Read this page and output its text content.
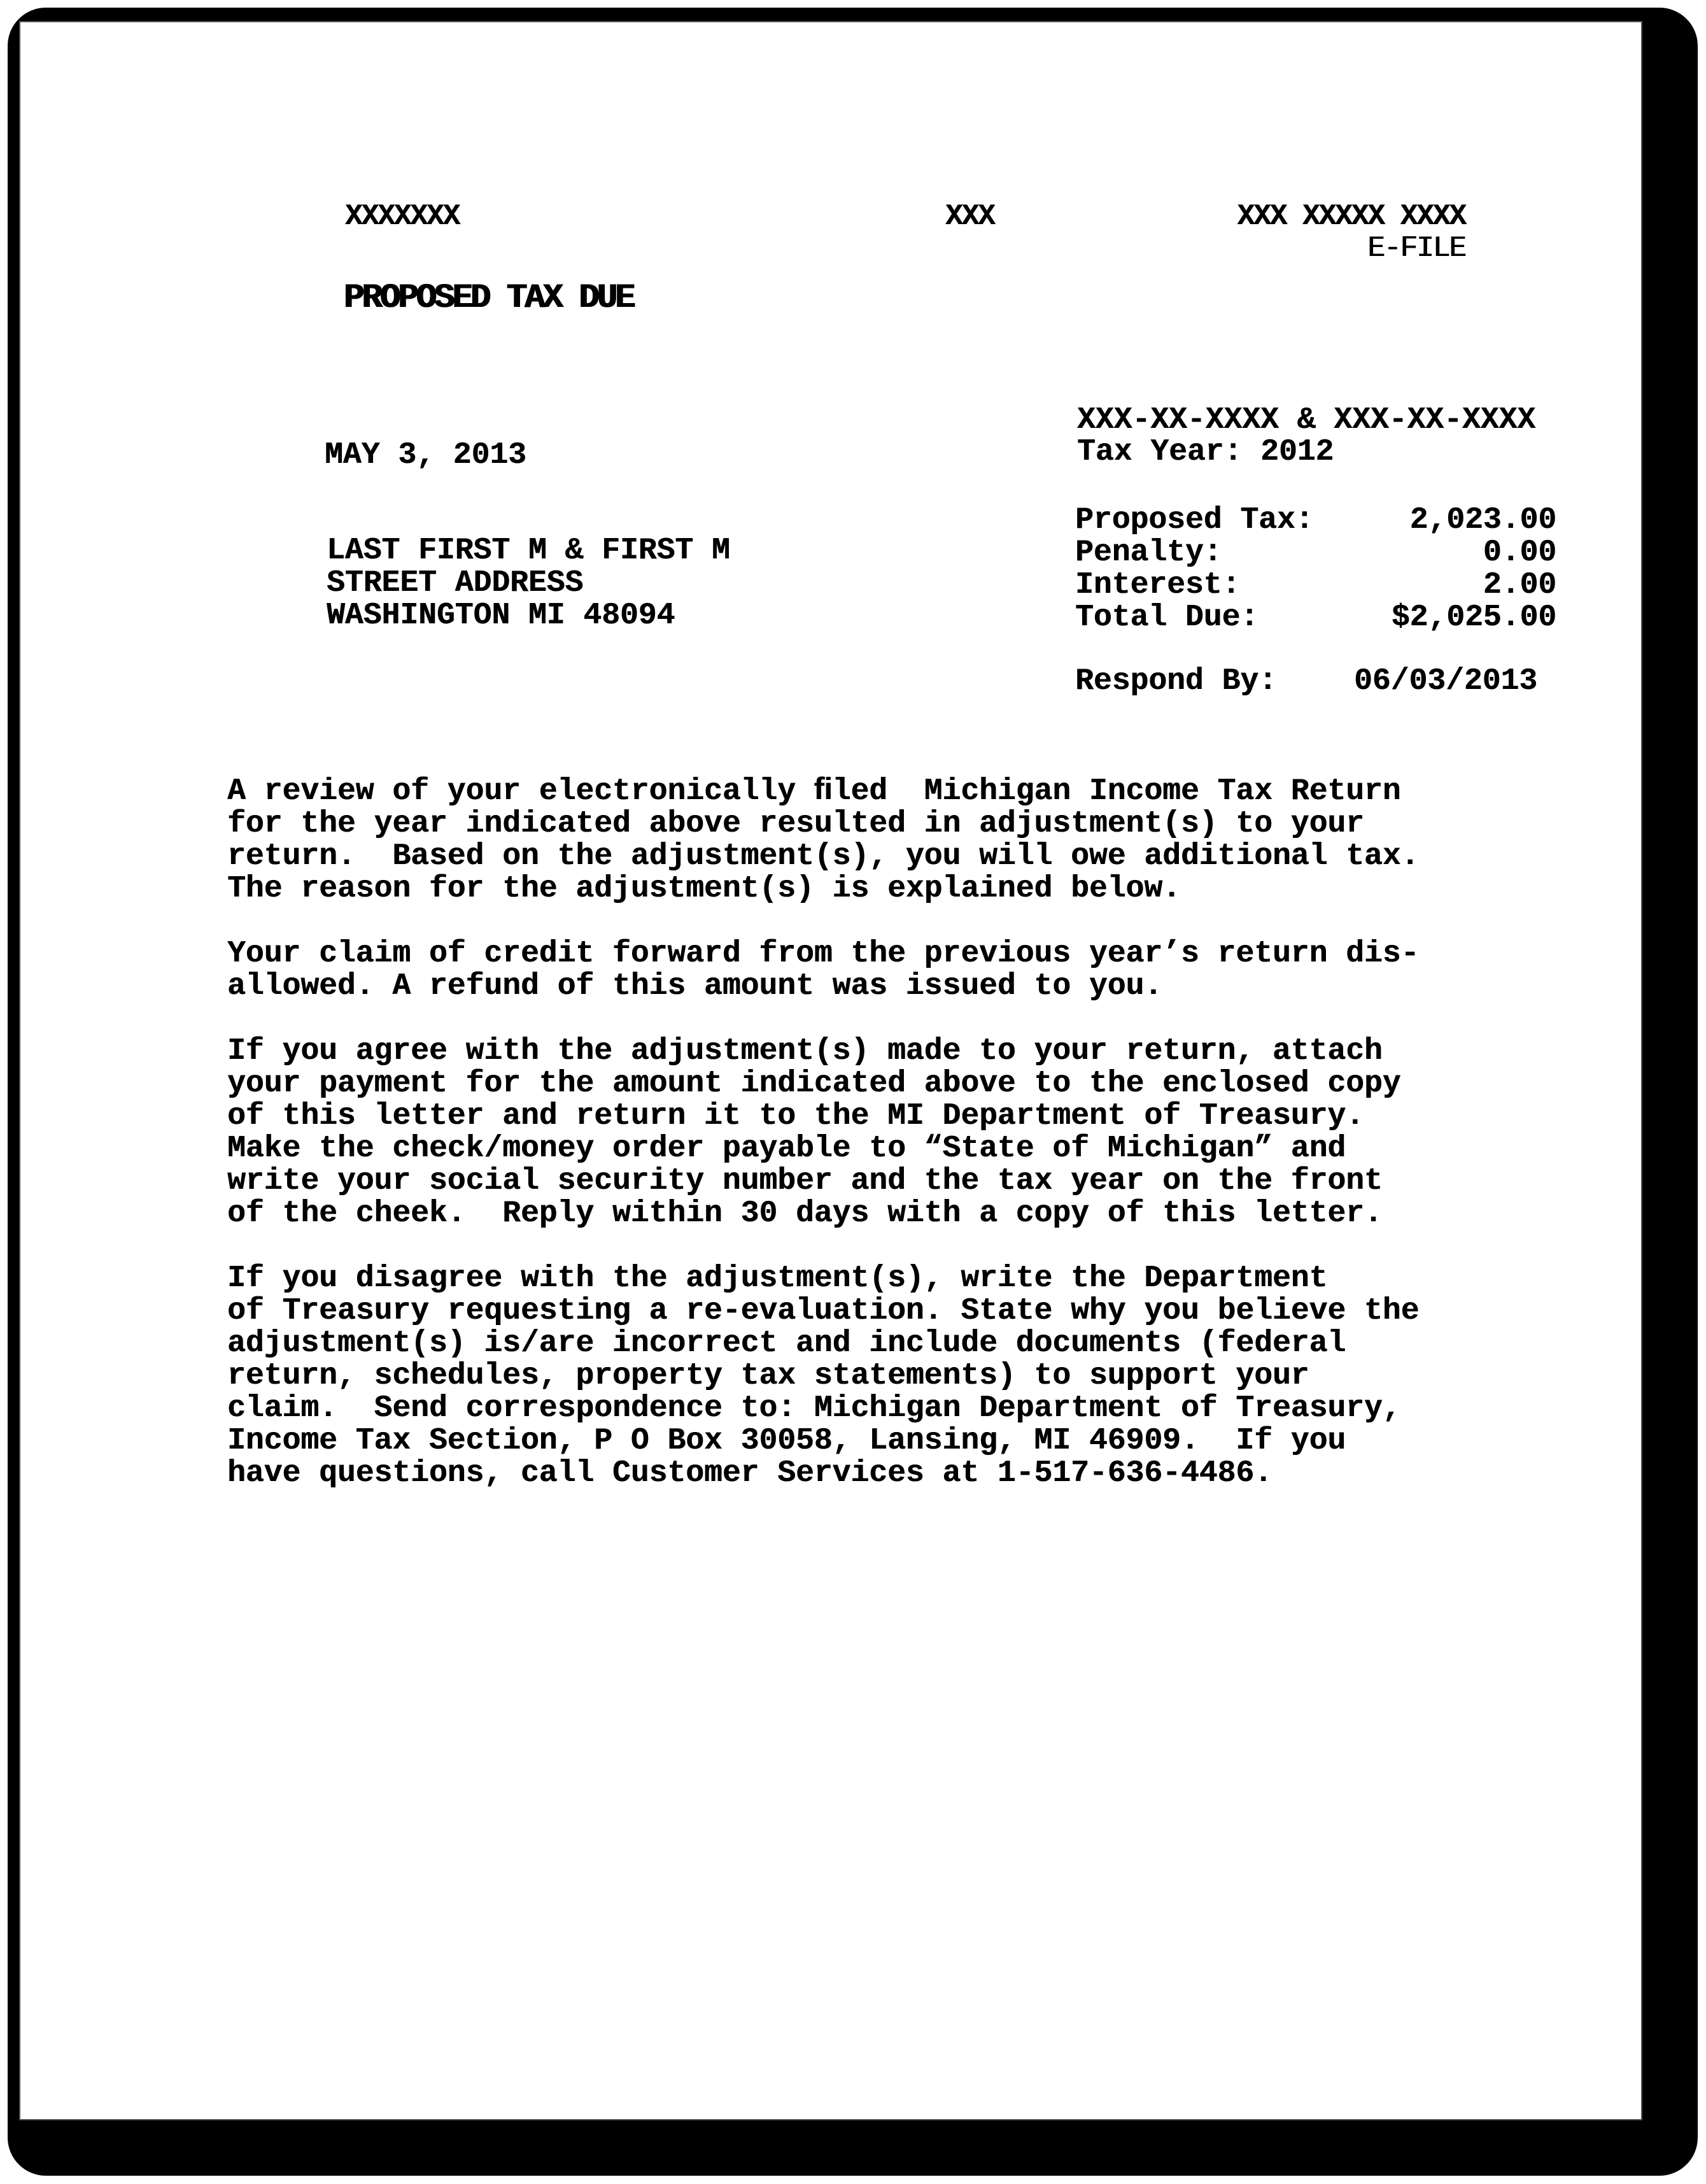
XXXXXXX	XXX	XXX XXXXX XXXX
E-FILE
PROPOSED TAX DUE
XXX-XX-XXXX & XXX-XX-XXXX
Tax Year: 2012
MAY 3, 2013
LAST FIRST M & FIRST M
STREET ADDRESS
WASHINGTON MI 48094
Proposed Tax:	2,023.00
Penalty:	0.00
Interest:	2.00
Total Due:	$2,025.00
Respond By:	06/03/2013
A review of your electronically ﬁled  Michigan Income Tax Return
for the year indicated above resulted in adjustment(s) to your
return.  Based on the adjustment(s), you will owe additional tax.
The reason for the adjustment(s) is explained below.
Your claim of credit forward from the previous year’s return dis-
allowed. A refund of this amount was issued to you.
If you agree with the adjustment(s) made to your return, attach
your payment for the amount indicated above to the enclosed copy
of this letter and return it to the MI Department of Treasury.
Make the check/money order payable to “State of Michigan” and
write your social security number and the tax year on the front
of the cheek.  Reply within 30 days with a copy of this letter.
If you disagree with the adjustment(s), write the Department
of Treasury requesting a re-evaluation. State why you believe the
adjustment(s) is/are incorrect and include documents (federal
return, schedules, property tax statements) to support your
claim.  Send correspondence to: Michigan Department of Treasury,
Income Tax Section, P O Box 30058, Lansing, MI 46909.  If you
have questions, call Customer Services at 1-517-636-4486.
